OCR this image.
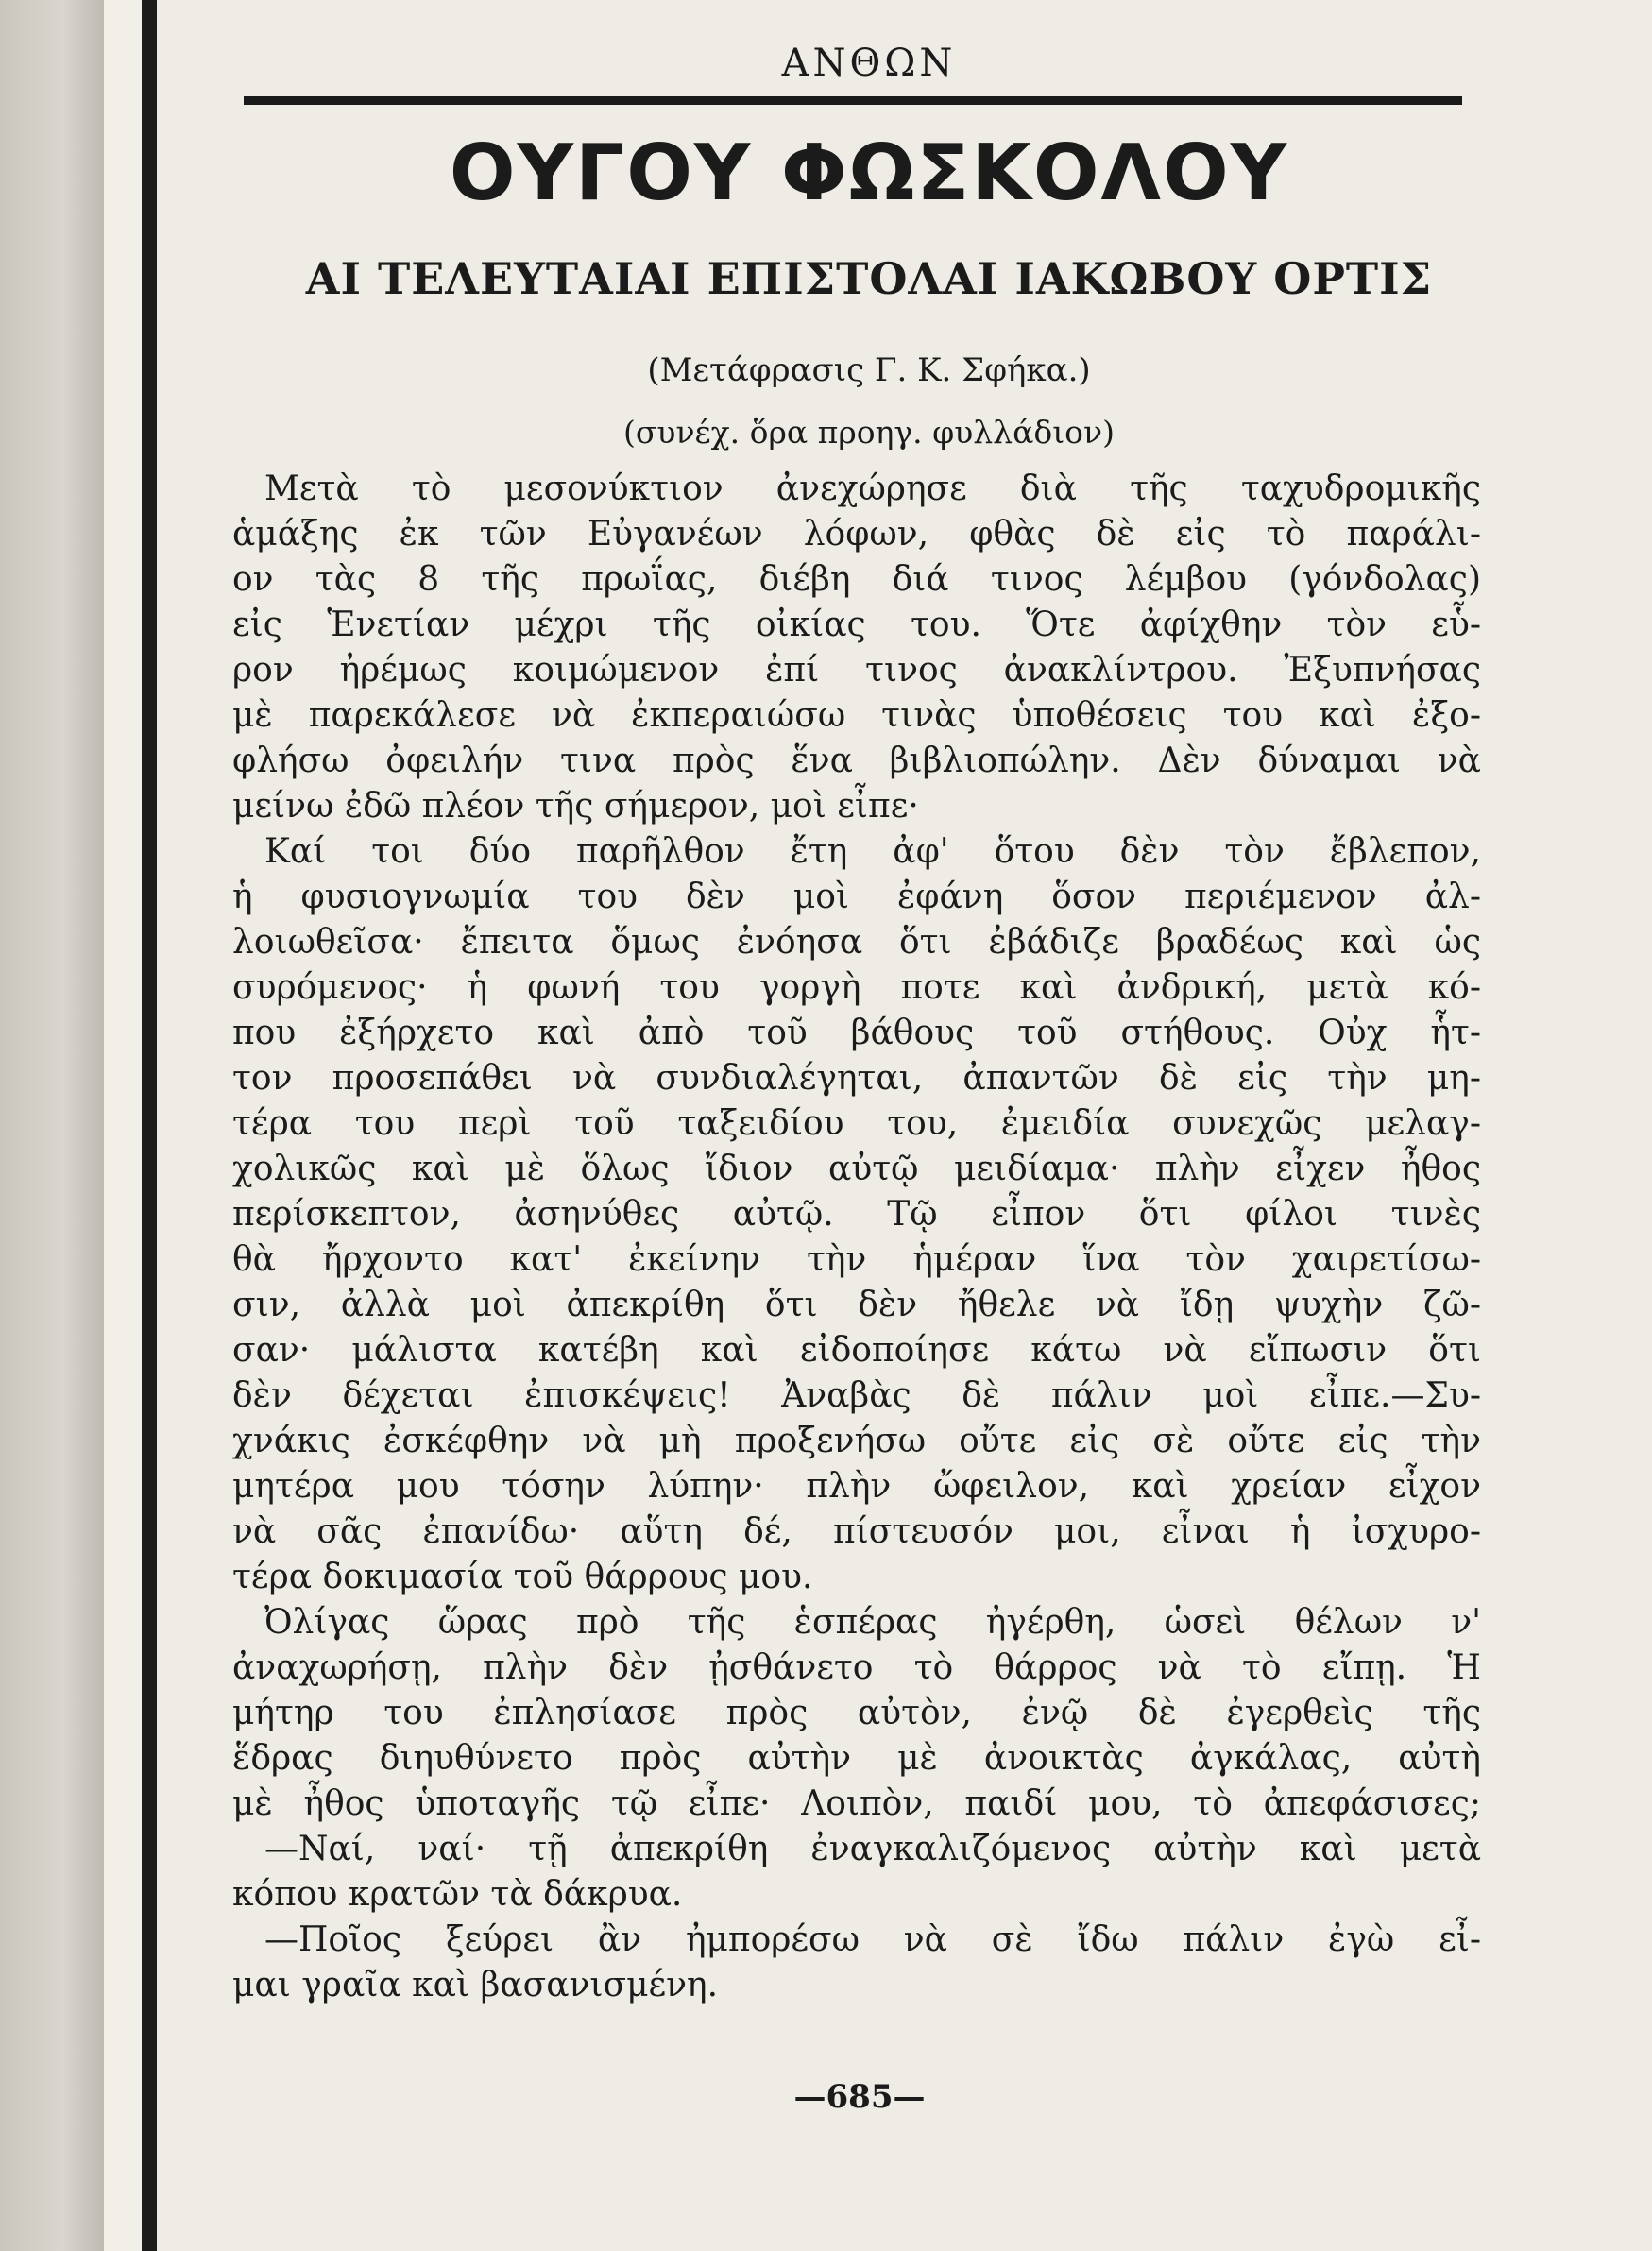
ΑΝΘΩΝ
ΟΥΓΟΥ ΦΩΣΚΟΛΟΥ
ΑΙ ΤΕΛΕΥΤΑΙΑΙ ΕΠΙΣΤΟΛΑΙ ΙΑΚΩΒΟΥ ΟΡΤΙΣ
(Μετάφρασις Γ. Κ. Σφήκα.)
(συνέχ. ὅρα προηγ. φυλλάδιον)
Μετὰ τὸ μεσονύκτιον ἀνεχώρησε διὰ τῆς ταχυδρομικῆς
ἁμάξης ἐκ τῶν Εὐγανέων λόφων, φθὰς δὲ εἰς τὸ παράλι-
ον τὰς 8 τῆς πρωΐας, διέβη διά τινος λέμβου (γόνδολας)
εἰς Ἑνετίαν μέχρι τῆς οἰκίας του. Ὅτε ἀφίχθην τὸν εὗ-
ρον ἠρέμως κοιμώμενον ἐπί τινος ἀνακλίντρου. Ἐξυπνήσας
μὲ παρεκάλεσε νὰ ἐκπεραιώσω τινὰς ὑποθέσεις του καὶ ἐξο-
φλήσω ὀφειλήν τινα πρὸς ἕνα βιβλιοπώλην. Δὲν δύναμαι νὰ
μείνω ἐδῶ πλέον τῆς σήμερον, μοὶ εἶπε·
Καί τοι δύο παρῆλθον ἔτη ἀφ' ὅτου δὲν τὸν ἔβλεπον,
ἡ φυσιογνωμία του δὲν μοὶ ἐφάνη ὅσον περιέμενον ἀλ-
λοιωθεῖσα· ἔπειτα ὅμως ἐνόησα ὅτι ἐβάδιζε βραδέως καὶ ὡς
συρόμενος· ἡ φωνή του γοργὴ ποτε καὶ ἀνδρική, μετὰ κό-
που ἐξήρχετο καὶ ἀπὸ τοῦ βάθους τοῦ στήθους. Οὐχ ἧτ-
τον προσεπάθει νὰ συνδιαλέγηται, ἀπαντῶν δὲ εἰς τὴν μη-
τέρα του περὶ τοῦ ταξειδίου του, ἐμειδία συνεχῶς μελαγ-
χολικῶς καὶ μὲ ὅλως ἴδιον αὐτῷ μειδίαμα· πλὴν εἶχεν ἦθος
περίσκεπτον, ἀσηνύθες αὐτῷ. Τῷ εἶπον ὅτι φίλοι τινὲς
θὰ ἤρχοντο κατ' ἐκείνην τὴν ἡμέραν ἵνα τὸν χαιρετίσω-
σιν, ἀλλὰ μοὶ ἀπεκρίθη ὅτι δὲν ἤθελε νὰ ἴδῃ ψυχὴν ζῶ-
σαν· μάλιστα κατέβη καὶ εἰδοποίησε κάτω νὰ εἴπωσιν ὅτι
δὲν δέχεται ἐπισκέψεις! Ἀναβὰς δὲ πάλιν μοὶ εἶπε.—Συ-
χνάκις ἐσκέφθην νὰ μὴ προξενήσω οὔτε εἰς σὲ οὔτε εἰς τὴν
μητέρα μου τόσην λύπην· πλὴν ὤφειλον, καὶ χρείαν εἶχον
νὰ σᾶς ἐπανίδω· αὕτη δέ, πίστευσόν μοι, εἶναι ἡ ἰσχυρο-
τέρα δοκιμασία τοῦ θάρρους μου.
Ὀλίγας ὥρας πρὸ τῆς ἑσπέρας ἠγέρθη, ὡσεὶ θέλων ν'
ἀναχωρήσῃ, πλὴν δὲν ᾐσθάνετο τὸ θάρρος νὰ τὸ εἴπῃ. Ἡ
μήτηρ του ἐπλησίασε πρὸς αὐτὸν, ἐνῷ δὲ ἐγερθεὶς τῆς
ἕδρας διηυθύνετο πρὸς αὐτὴν μὲ ἀνοικτὰς ἀγκάλας, αὐτὴ
μὲ ἦθος ὑποταγῆς τῷ εἶπε· Λοιπὸν, παιδί μου, τὸ ἀπεφάσισες;
—Ναί, ναί· τῇ ἀπεκρίθη ἐναγκαλιζόμενος αὐτὴν καὶ μετὰ
κόπου κρατῶν τὰ δάκρυα.
—Ποῖος ξεύρει ἂν ἠμπορέσω νὰ σὲ ἴδω πάλιν ἐγὼ εἶ-
μαι γραῖα καὶ βασανισμένη.
—685—
